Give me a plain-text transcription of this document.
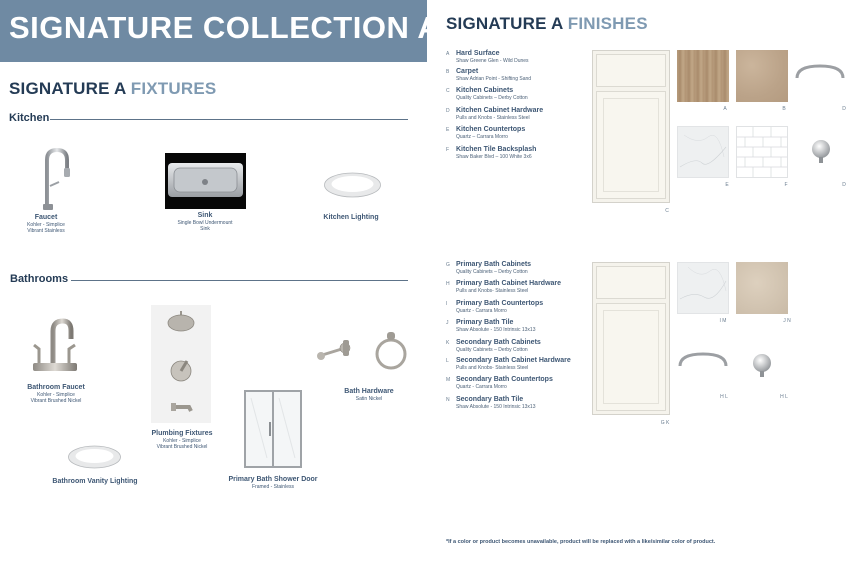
SIGNATURE COLLECTION A
SIGNATURE A FIXTURES
Kitchen
Faucet
Kohler - Simplice
Vibrant Stainless
Sink
Single Bowl Undermount
Sink
Kitchen Lighting
Bathrooms
Bathroom Faucet
Kohler - Simplice
Vibrant Brushed Nickel
Plumbing Fixtures
Kohler - Simplice
Vibrant Brushed Nickel
Bath Hardware
Satin Nickel
Bathroom Vanity Lighting	Primary Bath Shower Door
Framed - Stainless
SIGNATURE A FINISHES
A Hard Surface
Shaw Greene Glen - Wild Dunes
B Carpet
Shaw Adrian Point - Shifting Sand
C Kitchen Cabinets
Quality Cabinets – Derby Cotton
D Kitchen Cabinet Hardware
Pulls and Knobs - Stainless Steel
E Kitchen Countertops
Quartz – Carrara Morro
F Kitchen Tile Backsplash
Shaw Baker Blvd – 100 White 3x6
C
A	B	D
E	F	D
G Primary Bath Cabinets
Quality Cabinets – Derby Cotton
H Primary Bath Cabinet Hardware
Pulls and Knobs- Stainless Steel
I Primary Bath Countertops
Quartz - Carrara Morro
J Primary Bath Tile
Shaw Absolute - 150 Intrinsic 13x13
K Secondary Bath Cabinets
Quality Cabinets – Derby Cotton
L Secondary Bath Cabinet Hardware
Pulls and Knobs- Stainless Steel
M Secondary Bath Countertops
Quartz - Carrara Morro
N Secondary Bath Tile
Shaw Absolute - 150 Intrinsic 13x13
G K
I M	J N
H L	H L
*If a color or product becomes unavailable, product will be replaced with a like/similar color of product.
